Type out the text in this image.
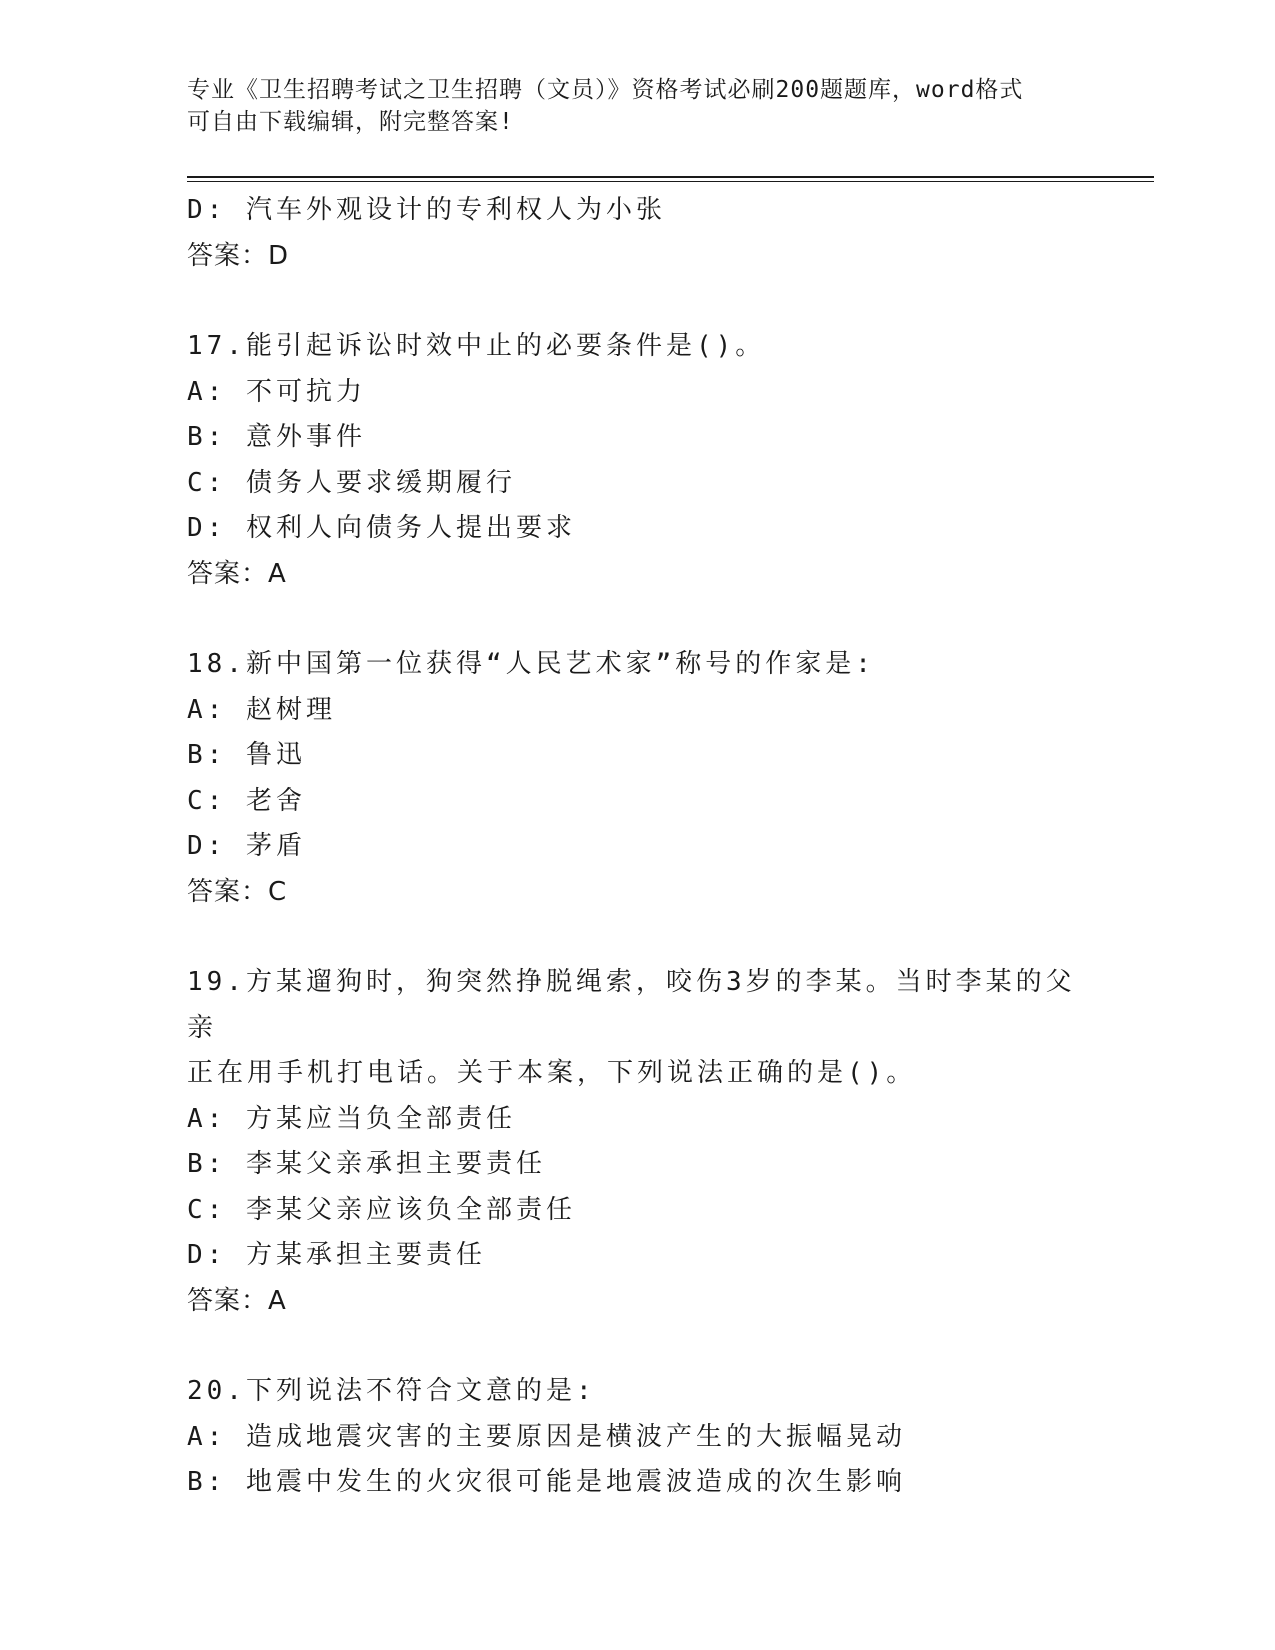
专业《卫生招聘考试之卫生招聘（文员）》资格考试必刷200题题库，word格式
可自由下载编辑，附完整答案!
D: 汽车外观设计的专利权人为小张
答案：D
17.能引起诉讼时效中止的必要条件是()。
A: 不可抗力
B: 意外事件
C: 债务人要求缓期履行
D: 权利人向债务人提出要求
答案：A
18.新中国第一位获得“人民艺术家”称号的作家是:
A: 赵树理
B: 鲁迅
C: 老舍
D: 茅盾
答案：C
19.方某遛狗时，狗突然挣脱绳索，咬伤3岁的李某。当时李某的父亲
正在用手机打电话。关于本案，下列说法正确的是()。
A: 方某应当负全部责任
B: 李某父亲承担主要责任
C: 李某父亲应该负全部责任
D: 方某承担主要责任
答案：A
20.下列说法不符合文意的是:
A: 造成地震灾害的主要原因是横波产生的大振幅晃动
B: 地震中发生的火灾很可能是地震波造成的次生影响
